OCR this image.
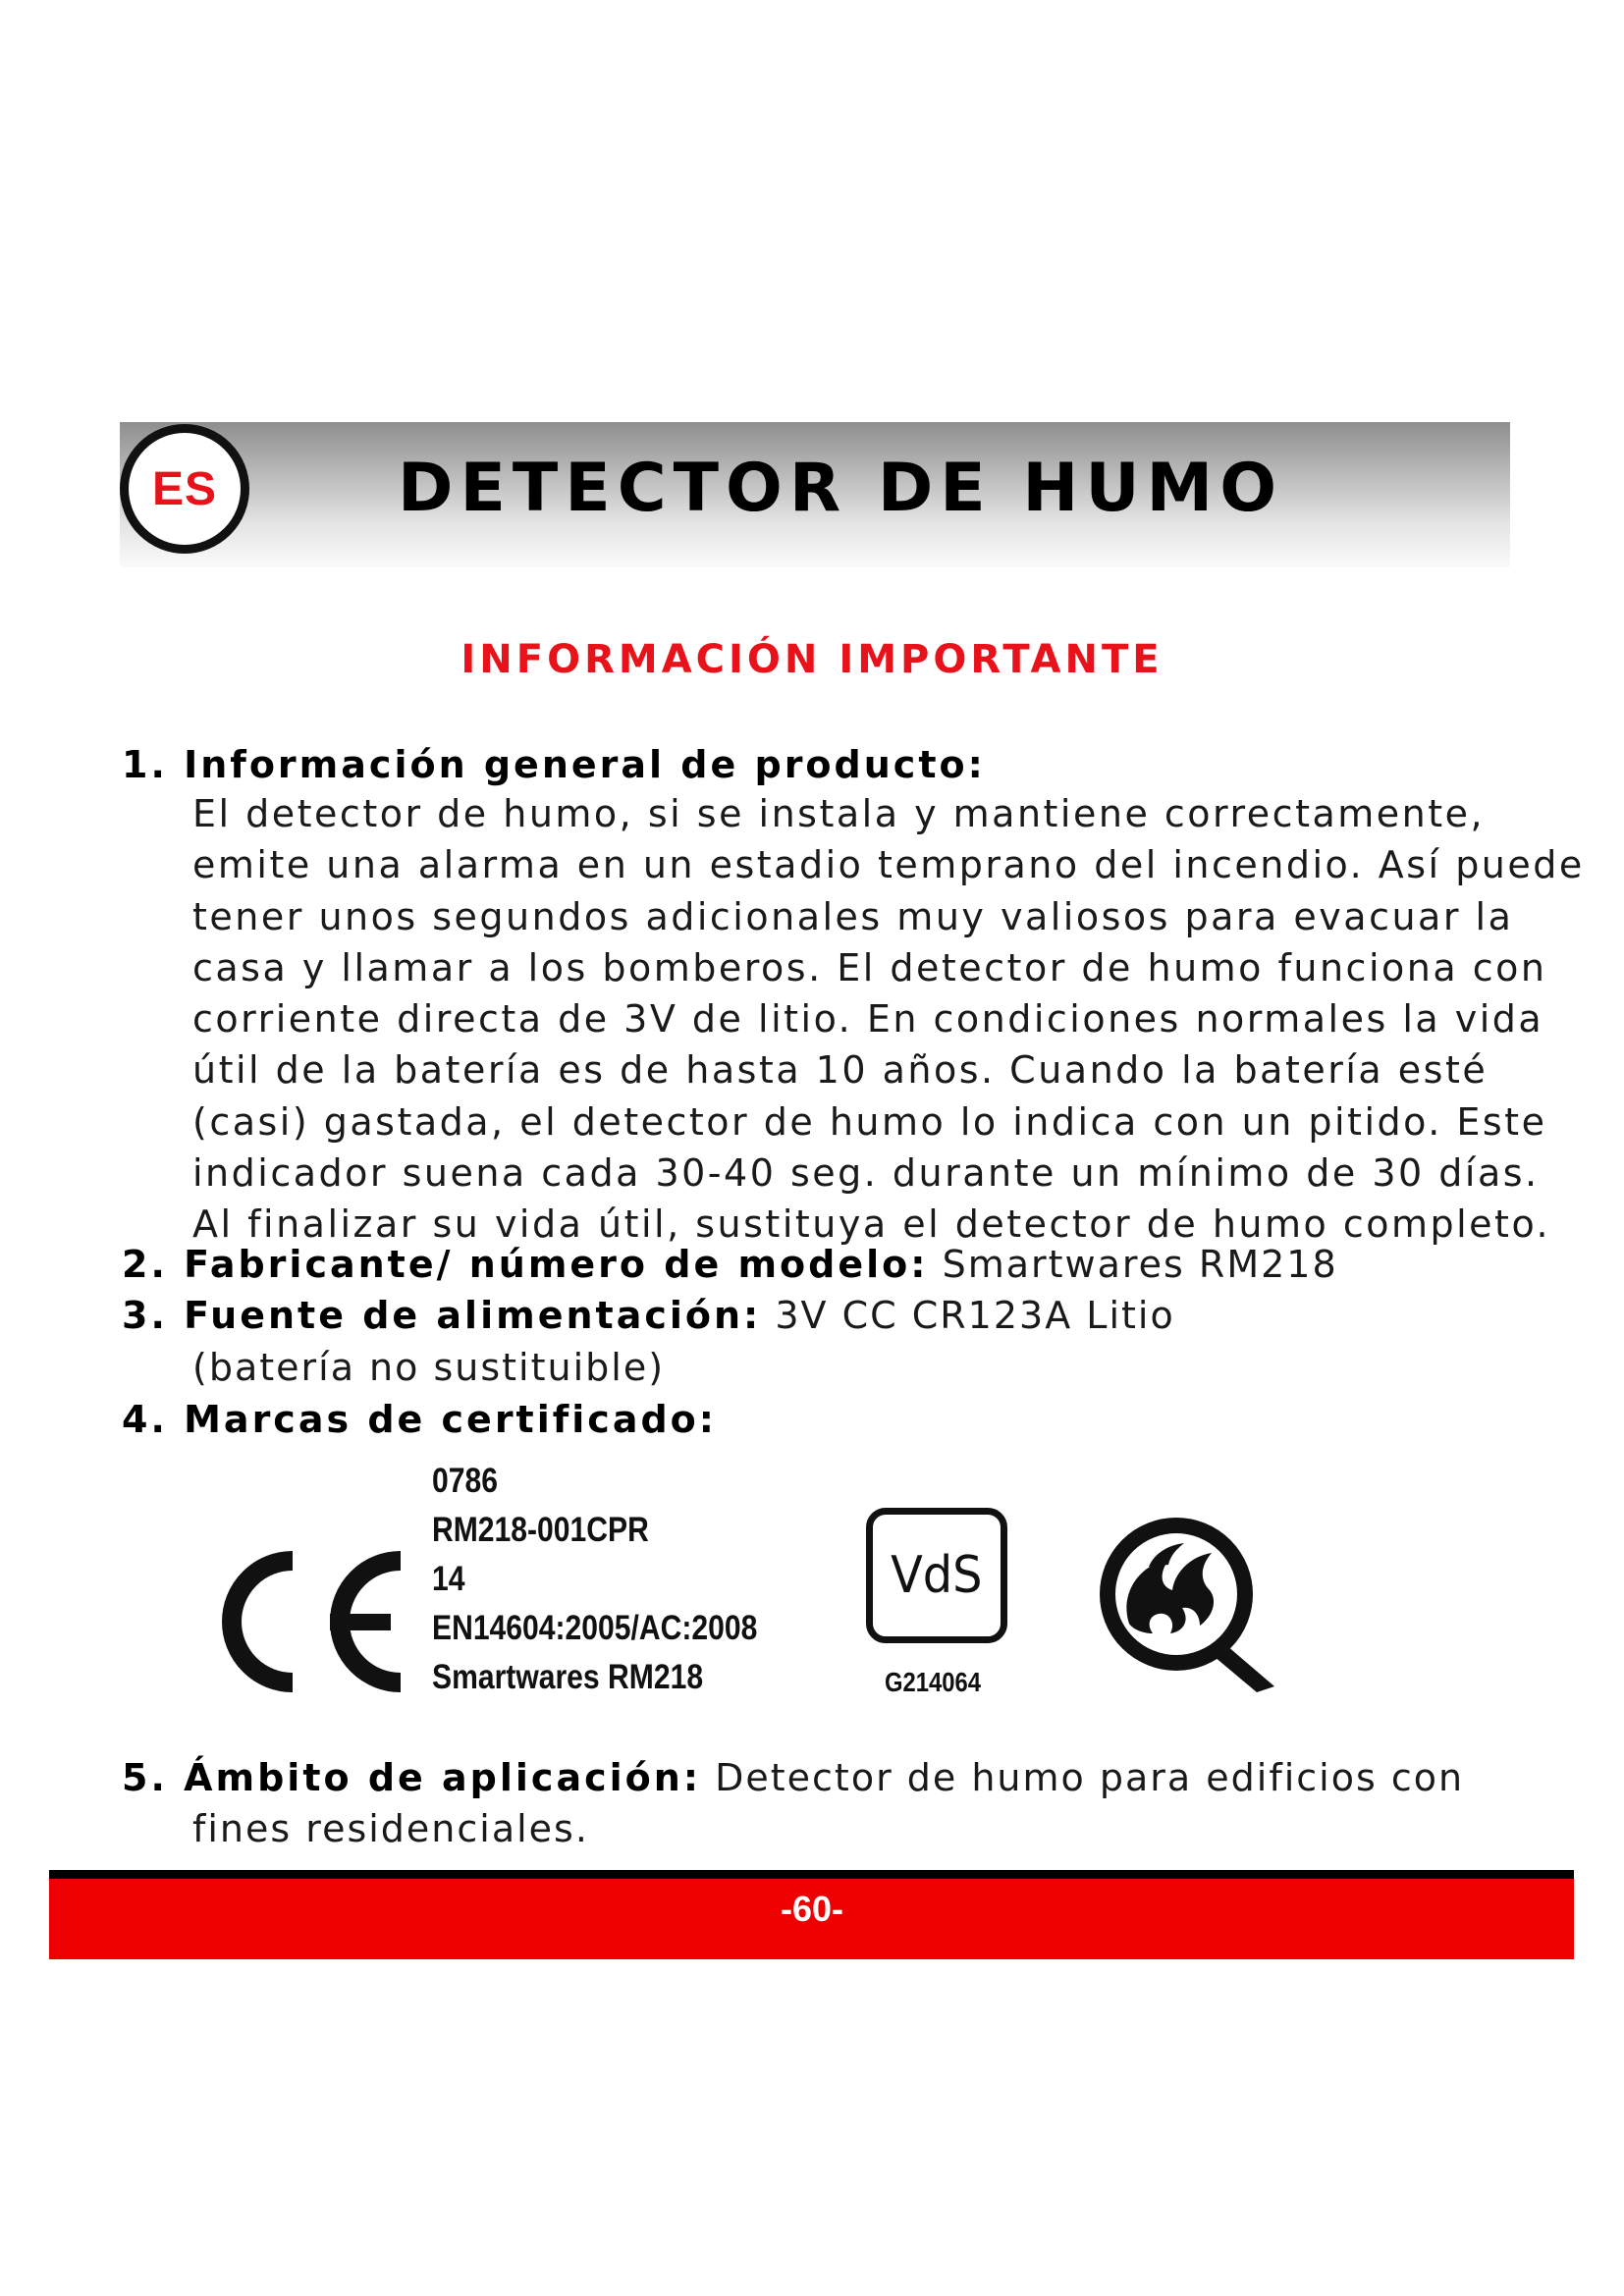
ES	DETECTOR DE HUMO
INFORMACIÓN IMPORTANTE
1. Información general de producto:
El detector de humo, si se instala y mantiene correctamente,
emite una alarma en un estadio temprano del incendio. Así puede
tener unos segundos adicionales muy valiosos para evacuar la
casa y llamar a los bomberos. El detector de humo funciona con
corriente directa de 3V de litio. En condiciones normales la vida
útil de la batería es de hasta 10 años. Cuando la batería esté
(casi) gastada, el detector de humo lo indica con un pitido. Este
indicador suena cada 30-40 seg. durante un mínimo de 30 días.
Al finalizar su vida útil, sustituya el detector de humo completo.
2. Fabricante/ número de modelo: Smartwares RM218
3. Fuente de alimentación: 3V CC CR123A Litio
(batería no sustituible)
4. Marcas de certificado:
0786
RM218-001CPR
14
EN14604:2005/AC:2008
Smartwares RM218
VdS
G214064
5. Ámbito de aplicación: Detector de humo para edificios con
fines residenciales.
-60-
